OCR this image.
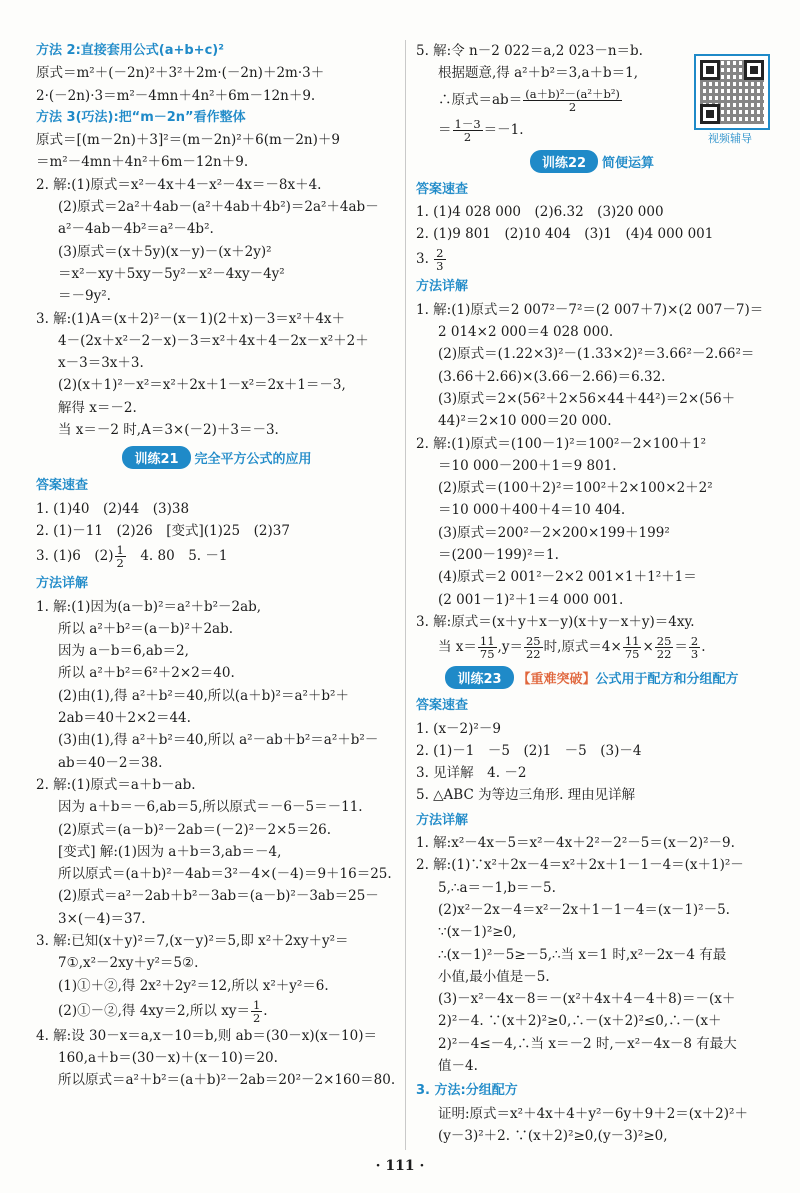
方法 2:直接套用公式(a+b+c)²
原式＝m²＋(－2n)²＋3²＋2m·(－2n)＋2m·3＋
2·(－2n)·3＝m²－4mn＋4n²＋6m－12n＋9.
方法 3(巧法):把“m－2n”看作整体
原式＝[(m－2n)＋3]²＝(m－2n)²＋6(m－2n)＋9
＝m²－4mn＋4n²＋6m－12n＋9.
2. 解:(1)原式＝x²－4x＋4－x²－4x＝－8x＋4.
(2)原式＝2a²＋4ab－(a²＋4ab＋4b²)＝2a²＋4ab－
a²－4ab－4b²＝a²－4b².
(3)原式＝(x＋5y)(x－y)－(x＋2y)²
＝x²－xy＋5xy－5y²－x²－4xy－4y²
＝－9y².
3. 解:(1)A＝(x＋2)²－(x－1)(2＋x)－3＝x²＋4x＋
4－(2x＋x²－2－x)－3＝x²＋4x＋4－2x－x²＋2＋
x－3＝3x＋3.
(2)(x＋1)²－x²＝x²＋2x＋1－x²＝2x＋1＝－3,
解得 x＝－2.
当 x＝－2 时,A＝3×(－2)＋3＝－3.
训练21 完全平方公式的应用
答案速查
1. (1)40　(2)44　(3)38
2. (1)－11　(2)26　[变式](1)25　(2)37
3. (1)6　$(2) \frac{1}{2}$ 　4. 80　5. －1
方法详解
1. 解:(1)因为(a－b)²＝a²＋b²－2ab,
所以 a²＋b²＝(a－b)²＋2ab.
因为 a－b＝6,ab＝2,
所以 a²＋b²＝6²＋2×2＝40.
(2)由(1),得 a²＋b²＝40,所以(a＋b)²＝a²＋b²＋
2ab＝40＋2×2＝44.
(3)由(1),得 a²＋b²＝40,所以 a²－ab＋b²＝a²＋b²－
ab＝40－2＝38.
2. 解:(1)原式＝a＋b－ab.
因为 a＋b＝－6,ab＝5,所以原式＝－6－5＝－11.
(2)原式＝(a－b)²－2ab＝(－2)²－2×5＝26.
[变式] 解:(1)因为 a＋b＝3,ab＝－4,
所以原式＝(a＋b)²－4ab＝3²－4×(－4)＝9＋16＝25.
(2)原式＝a²－2ab＋b²－3ab＝(a－b)²－3ab＝25－
3×(－4)＝37.
3. 解:已知(x＋y)²＝7,(x－y)²＝5,即 x²＋2xy＋y²＝
7①,x²－2xy＋y²＝5②.
(1)①＋②,得 2x²＋2y²＝12,所以 x²＋y²＝6.
(2)①－②,得 4xy＝2,所以 $xy= \frac{1}{2}$ .
4. 解:设 30－x＝a,x－10＝b,则 ab＝(30－x)(x－10)＝
160,a＋b＝(30－x)＋(x－10)＝20.
所以原式＝a²＋b²＝(a＋b)²－2ab＝20²－2×160＝80.
5. 解:令 n－2 022＝a,2 023－n＝b.
根据题意,得 a²＋b²＝3,a＋b＝1,
∴原式$=ab= \frac{\text{(a＋b)²－(a²＋b²)}}{2}$
＝ $\frac{1-3}{2} =-1$.
训练22 简便运算
答案速查
1. (1)4 028 000　(2)6.32　(3)20 000
2. (1)9 801　(2)10 404　(3)1　(4)4 000 001
3. $\frac{2}{3}$
方法详解
1. 解:(1)原式＝2 007²－7²＝(2 007＋7)×(2 007－7)＝
2 014×2 000＝4 028 000.
(2)原式＝(1.22×3)²－(1.33×2)²＝3.66²－2.66²＝
(3.66＋2.66)×(3.66－2.66)＝6.32.
(3)原式＝2×(56²＋2×56×44＋44²)＝2×(56＋
44)²＝2×10 000＝20 000.
2. 解:(1)原式＝(100－1)²＝100²－2×100＋1²
＝10 000－200＋1＝9 801.
(2)原式＝(100＋2)²＝100²＋2×100×2＋2²
＝10 000＋400＋4＝10 404.
(3)原式＝200²－2×200×199＋199²
＝(200－199)²＝1.
(4)原式＝2 001²－2×2 001×1＋1²＋1＝
(2 001－1)²＋1＝4 000 001.
3. 解:原式＝(x＋y＋x－y)(x＋y－x＋y)＝4xy.
当 $x= \frac{11}{75} ,y= \frac{25}{22}$ 时,原式$=4\times \frac{11}{75} \times \frac{25}{22} = \frac{2}{3}$ .
训练23 【重难突破】公式用于配方和分组配方
答案速查
1. (x－2)²－9
2. (1)－1　－5　(2)1　－5　(3)－4
3. 见详解　4. －2
5. △ABC 为等边三角形. 理由见详解
方法详解
1. 解:x²－4x－5＝x²－4x＋2²－2²－5＝(x－2)²－9.
2. 解:(1)∵x²＋2x－4＝x²＋2x＋1－1－4＝(x＋1)²－
5,∴a＝－1,b＝－5.
(2)x²－2x－4＝x²－2x＋1－1－4＝(x－1)²－5.
∵(x－1)²≥0,
∴(x－1)²－5≥－5,∴当 x＝1 时,x²－2x－4 有最
小值,最小值是－5.
(3)－x²－4x－8＝－(x²＋4x＋4－4＋8)＝－(x＋
2)²－4. ∵(x＋2)²≥0,∴－(x＋2)²≤0,∴－(x＋
2)²－4≤－4,∴当 x＝－2 时,－x²－4x－8 有最大
值－4.
3. 方法:分组配方
证明:原式＝x²＋4x＋4＋y²－6y＋9＋2＝(x＋2)²＋
(y－3)²＋2. ∵(x＋2)²≥0,(y－3)²≥0,
视频辅导
· 111 ·
